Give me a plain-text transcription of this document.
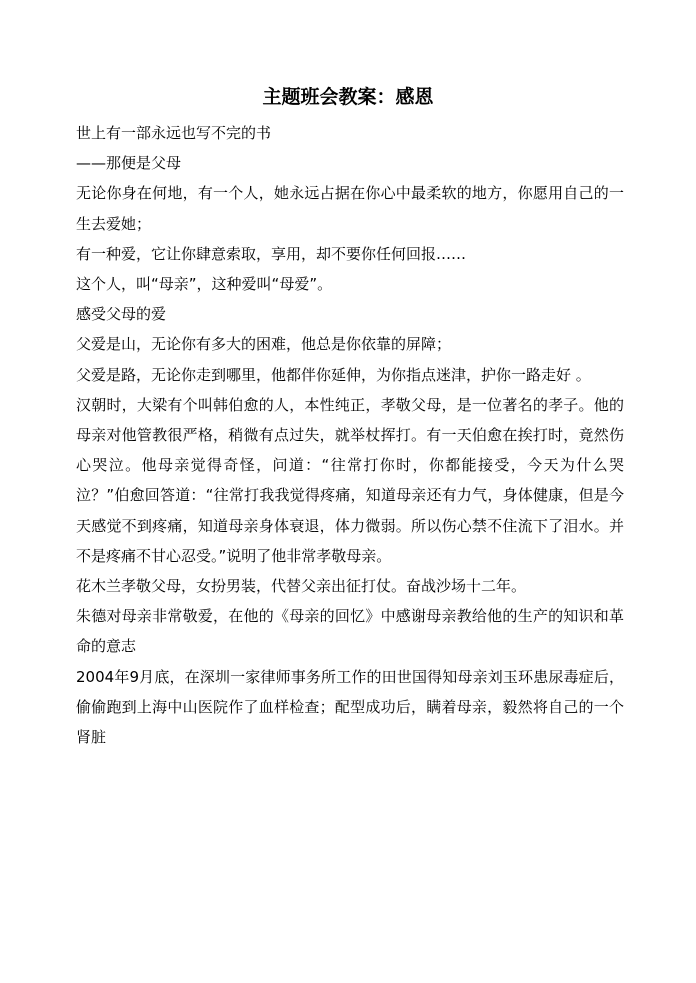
主题班会教案：感恩

世上有一部永远也写不完的书

——那便是父母

无论你身在何地，有一个人，她永远占据在你心中最柔软的地方，你愿用自己的一生去爱她；

有一种爱，它让你肆意索取，享用，却不要你任何回报……

这个人，叫“母亲”，这种爱叫“母爱”。

感受父母的爱

父爱是山，无论你有多大的困难，他总是你依靠的屏障；

父爱是路，无论你走到哪里，他都伴你延伸，为你指点迷津，护你一路走好 。

汉朝时，大梁有个叫韩伯愈的人，本性纯正，孝敬父母，是一位著名的孝子。他的母亲对他管教很严格，稍微有点过失，就举杖挥打。有一天伯愈在挨打时，竟然伤心哭泣。他母亲觉得奇怪，问道：“往常打你时，你都能接受，今天为什么哭泣？”伯愈回答道：“往常打我我觉得疼痛，知道母亲还有力气，身体健康，但是今天感觉不到疼痛，知道母亲身体衰退，体力微弱。所以伤心禁不住流下了泪水。并不是疼痛不甘心忍受。”说明了他非常孝敬母亲。

花木兰孝敬父母，女扮男装，代替父亲出征打仗。奋战沙场十二年。

朱德对母亲非常敬爱，在他的《母亲的回忆》中感谢母亲教给他的生产的知识和革命的意志

2004年9月底，在深圳一家律师事务所工作的田世国得知母亲刘玉环患尿毒症后，偷偷跑到上海中山医院作了血样检查；配型成功后，瞒着母亲，毅然将自己的一个肾脏
